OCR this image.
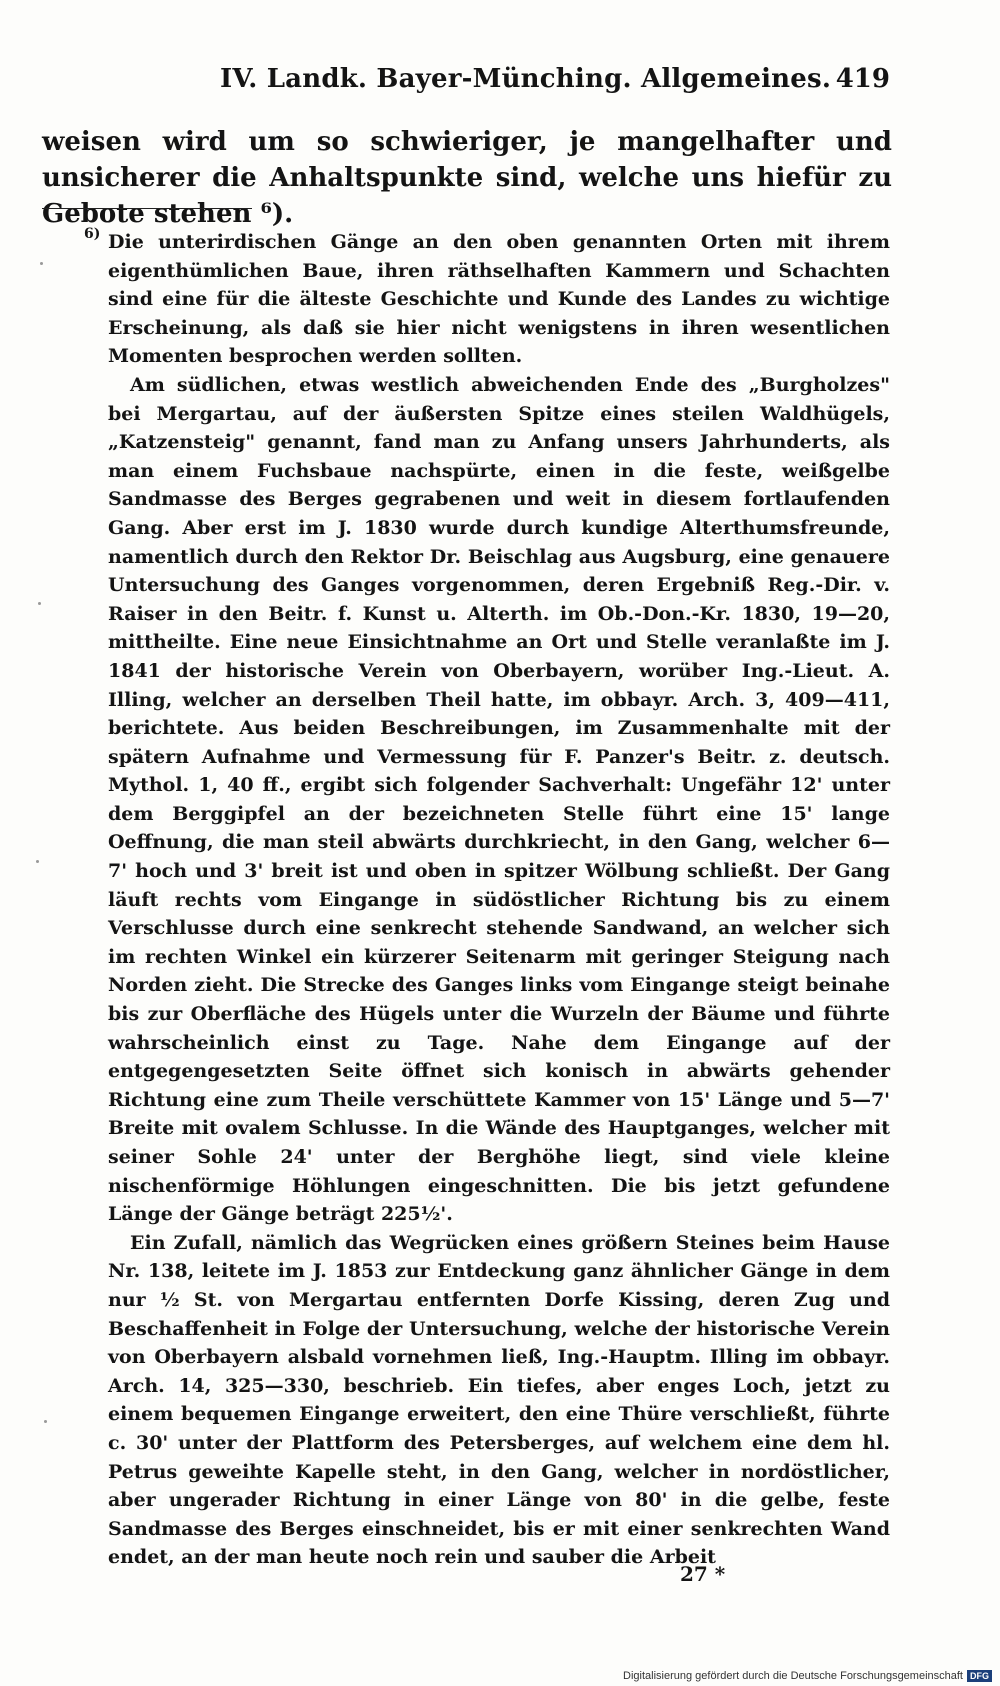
IV. Landk. Bayer-Münching. Allgemeines. 419
weisen wird um so schwieriger, je mangelhafter und unsicherer die Anhaltspunkte sind, welche uns hiefür zu Gebote stehen ⁶).
6) Die unterirdischen Gänge an den oben genannten Orten mit ihrem eigenthümlichen Baue, ihren räthselhaften Kammern und Schachten sind eine für die älteste Geschichte und Kunde des Landes zu wichtige Erscheinung, als daß sie hier nicht wenigstens in ihren wesentlichen Momenten besprochen werden sollten.

Am südlichen, etwas westlich abweichenden Ende des „Burgholzes" bei Mergartau, auf der äußersten Spitze eines steilen Waldhügels, „Katzensteig" genannt, fand man zu Anfang unsers Jahrhunderts, als man einem Fuchsbaue nachspürte, einen in die feste, weißgelbe Sandmasse des Berges gegrabenen und weit in diesem fortlaufenden Gang. Aber erst im J. 1830 wurde durch kundige Alterthumsfreunde, namentlich durch den Rektor Dr. Beischlag aus Augsburg, eine genauere Untersuchung des Ganges vorgenommen, deren Ergebniß Reg.-Dir. v. Raiser in den Beitr. f. Kunst u. Alterth. im Ob.-Don.-Kr. 1830, 19—20, mittheilte. Eine neue Einsichtnahme an Ort und Stelle veranlaßte im J. 1841 der historische Verein von Oberbayern, worüber Ing.-Lieut. A. Illing, welcher an derselben Theil hatte, im obbayr. Arch. 3, 409—411, berichtete. Aus beiden Beschreibungen, im Zusammenhalte mit der spätern Aufnahme und Vermessung für F. Panzer's Beitr. z. deutsch. Mythol. 1, 40 ff., ergibt sich folgender Sachverhalt: Ungefähr 12' unter dem Berggipfel an der bezeichneten Stelle führt eine 15' lange Oeffnung, die man steil abwärts durchkriecht, in den Gang, welcher 6—7' hoch und 3' breit ist und oben in spitzer Wölbung schließt. Der Gang läuft rechts vom Eingange in südöstlicher Richtung bis zu einem Verschlusse durch eine senkrecht stehende Sandwand, an welcher sich im rechten Winkel ein kürzerer Seitenarm mit geringer Steigung nach Norden zieht. Die Strecke des Ganges links vom Eingange steigt beinahe bis zur Oberfläche des Hügels unter die Wurzeln der Bäume und führte wahrscheinlich einst zu Tage. Nahe dem Eingange auf der entgegengesetzten Seite öffnet sich konisch in abwärts gehender Richtung eine zum Theile verschüttete Kammer von 15' Länge und 5—7' Breite mit ovalem Schlusse. In die Wände des Hauptganges, welcher mit seiner Sohle 24' unter der Berghöhe liegt, sind viele kleine nischenförmige Höhlungen eingeschnitten. Die bis jetzt gefundene Länge der Gänge beträgt 225½'.

Ein Zufall, nämlich das Wegrücken eines größern Steines beim Hause Nr. 138, leitete im J. 1853 zur Entdeckung ganz ähnlicher Gänge in dem nur ½ St. von Mergartau entfernten Dorfe Kissing, deren Zug und Beschaffenheit in Folge der Untersuchung, welche der historische Verein von Oberbayern alsbald vornehmen ließ, Ing.-Hauptm. Illing im obbayr. Arch. 14, 325—330, beschrieb. Ein tiefes, aber enges Loch, jetzt zu einem bequemen Eingange erweitert, den eine Thüre verschließt, führte c. 30' unter der Plattform des Petersberges, auf welchem eine dem hl. Petrus geweihte Kapelle steht, in den Gang, welcher in nordöstlicher, aber ungerader Richtung in einer Länge von 80' in die gelbe, feste Sandmasse des Berges einschneidet, bis er mit einer senkrechten Wand endet, an der man heute noch rein und sauber die Arbeit

27 *
Digitalisierung gefördert durch die Deutsche Forschungsgemeinschaft DFG
